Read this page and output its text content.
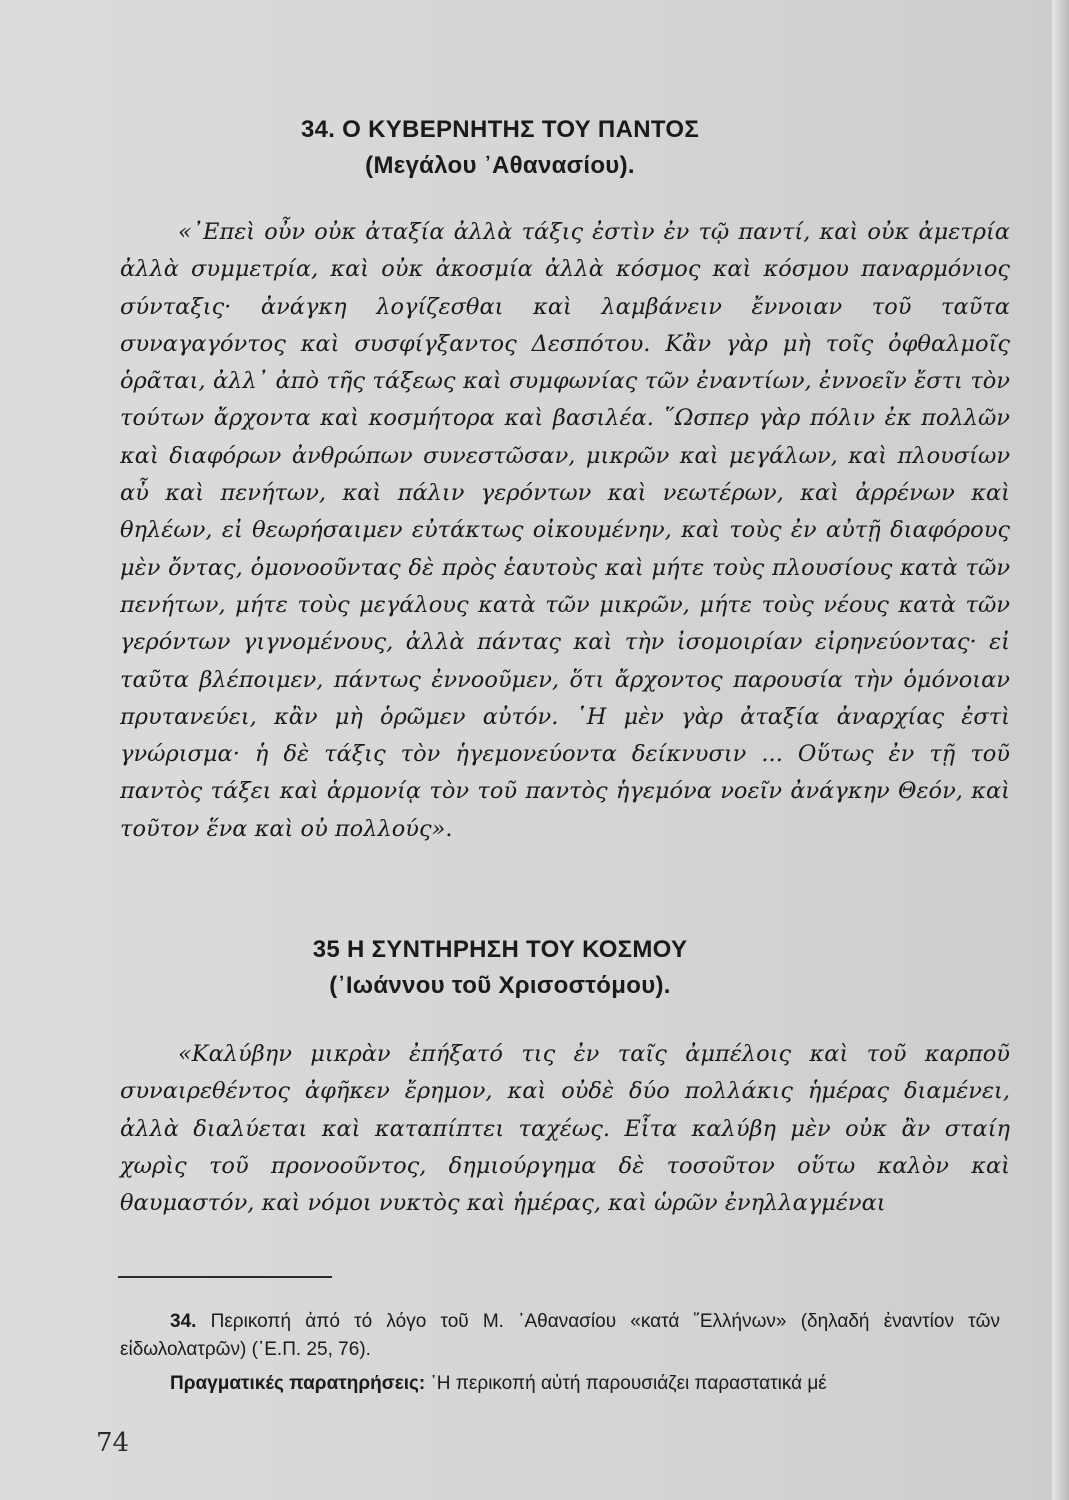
34. Ο ΚΥΒΕΡΝΗΤΗΣ ΤΟΥ ΠΑΝΤΟΣ
(Μεγάλου ᾿Αθανασίου).

«᾿Επεὶ οὖν οὐκ ἀταξία ἀλλὰ τάξις ἐστὶν ἐν τῷ παντί, καὶ οὐκ ἀμετρία ἀλλὰ συμμετρία, καὶ οὐκ ἀκοσμία ἀλλὰ κόσμος καὶ κόσμου παναρμόνιος σύνταξις· ἀνάγκη λογίζεσθαι καὶ λαμβάνειν ἔννοιαν τοῦ ταῦτα συναγαγόντος καὶ συσφίγξαντος Δεσπότου. Κἂν γὰρ μὴ τοῖς ὀφθαλμοῖς ὁρᾶται, ἀλλ᾿ ἀπὸ τῆς τάξεως καὶ συμφωνίας τῶν ἐναντίων, ἐννοεῖν ἔστι τὸν τούτων ἄρχοντα καὶ κοσμήτορα καὶ βασιλέα. ῞Ωσπερ γὰρ πόλιν ἐκ πολλῶν καὶ διαφόρων ἀνθρώπων συνεστῶσαν, μικρῶν καὶ μεγάλων, καὶ πλουσίων αὖ καὶ πενήτων, καὶ πάλιν γερόντων καὶ νεωτέρων, καὶ ἀρρένων καὶ θηλέων, εἰ θεωρήσαιμεν εὐτάκτως οἰκουμένην, καὶ τοὺς ἐν αὐτῇ διαφόρους μὲν ὄντας, ὁμονοοῦντας δὲ πρὸς ἑαυτοὺς καὶ μήτε τοὺς πλουσίους κατὰ τῶν πενήτων, μήτε τοὺς μεγάλους κατὰ τῶν μικρῶν, μήτε τοὺς νέους κατὰ τῶν γερόντων γιγνομένους, ἀλλὰ πάντας καὶ τὴν ἰσομοιρίαν εἰρηνεύοντας· εἰ ταῦτα βλέποιμεν, πάντως ἐννοοῦμεν, ὅτι ἄρχοντος παρουσία τὴν ὁμόνοιαν πρυτανεύει, κἂν μὴ ὁρῶμεν αὐτόν. ῾Η μὲν γὰρ ἀταξία ἀναρχίας ἐστὶ γνώρισμα· ἡ δὲ τάξις τὸν ἡγεμονεύοντα δείκνυσιν ... Οὕτως ἐν τῇ τοῦ παντὸς τάξει καὶ ἁρμονίᾳ τὸν τοῦ παντὸς ἡγεμόνα νοεῖν ἀνάγκην Θεόν, καὶ τοῦτον ἕνα καὶ οὐ πολλούς».

35 Η ΣΥΝΤΗΡΗΣΗ ΤΟΥ ΚΟΣΜΟΥ
(᾿Ιωάννου τοῦ Χρισοστόμου).

«Καλύβην μικρὰν ἐπήξατό τις ἐν ταῖς ἀμπέλοις καὶ τοῦ καρποῦ συναιρεθέντος ἀφῆκεν ἔρημον, καὶ οὐδὲ δύο πολλάκις ἡμέρας διαμένει, ἀλλὰ διαλύεται καὶ καταπίπτει ταχέως. Εἶτα καλύβη μὲν οὐκ ἂν σταίη χωρὶς τοῦ προνοοῦντος, δημιούργημα δὲ τοσοῦτον οὕτω καλὸν καὶ θαυμαστόν, καὶ νόμοι νυκτὸς καὶ ἡμέρας, καὶ ὡρῶν ἐνηλλαγμέναι

34. Περικοπή ἀπό τό λόγο τοῦ Μ. ᾿Αθανασίου «κατά ῞Ελλήνων» (δηλαδή ἐναντίον τῶν εἰδωλολατρῶν) (᾿Ε.Π. 25, 76).

Πραγματικές παρατηρήσεις: ῾Η περικοπή αὐτή παρουσιάζει παραστατικά μέ

74
